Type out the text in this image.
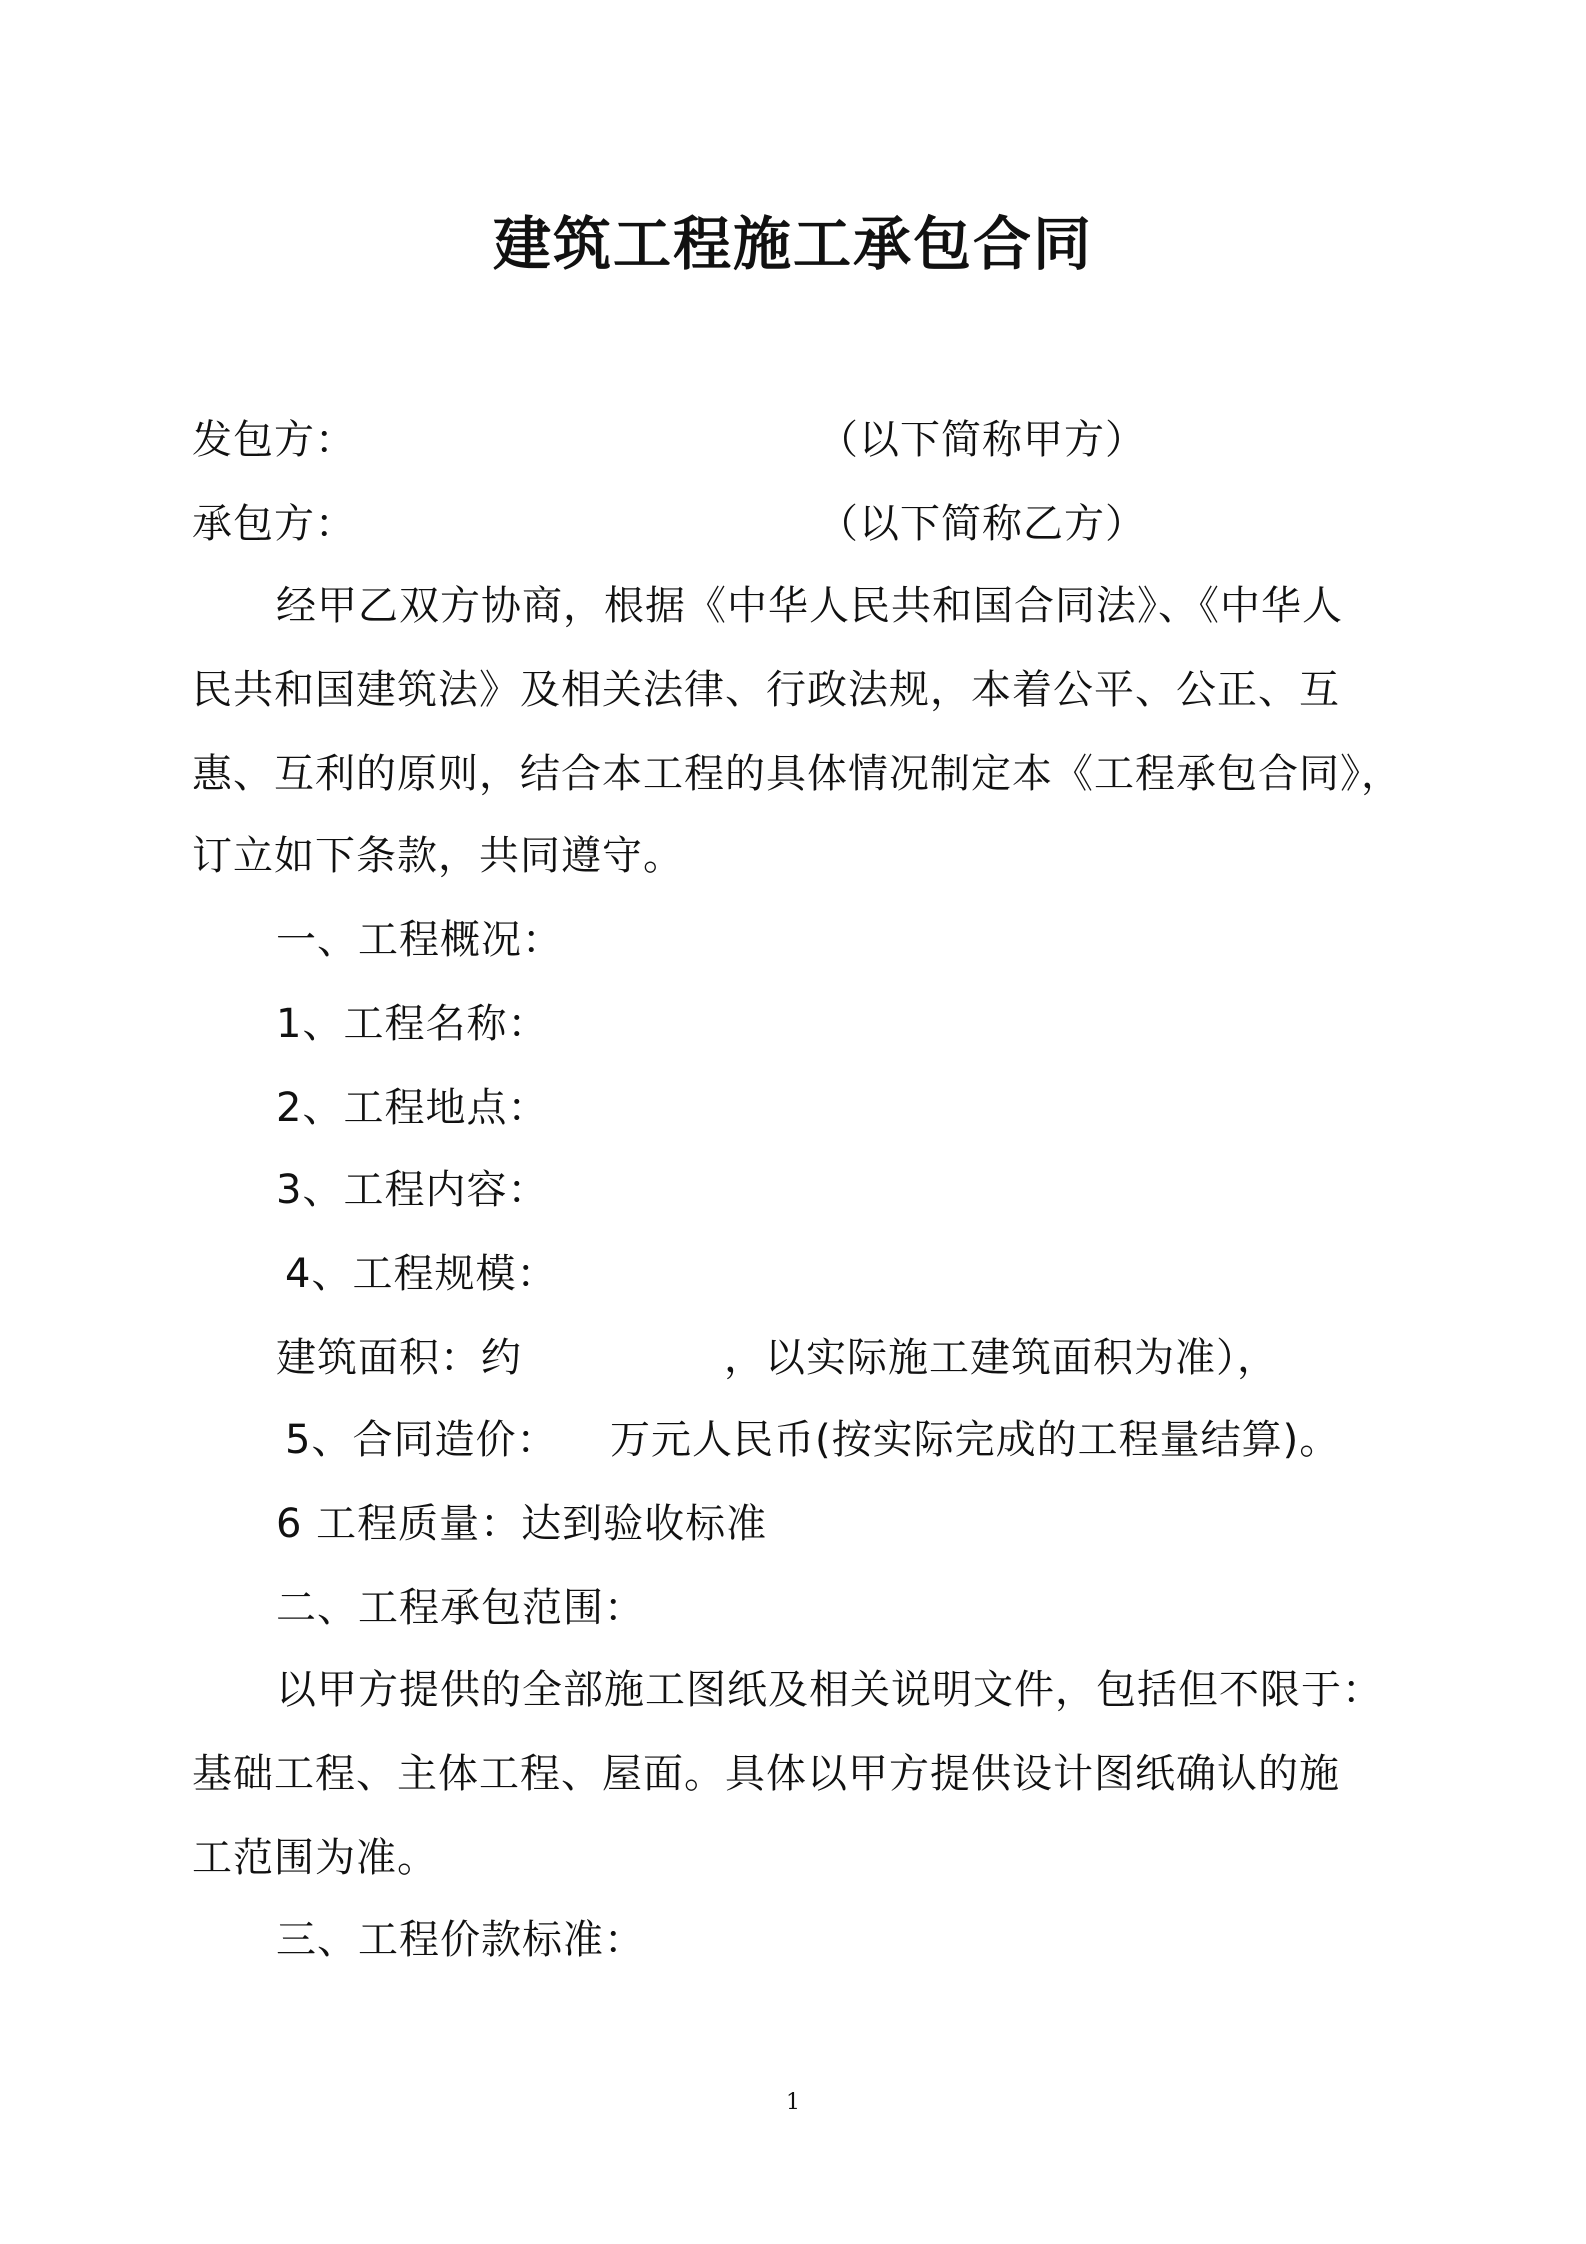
建筑工程施工承包合同
发包方：	（以下简称甲方）
承包方：	（以下简称乙方）
经甲乙双方协商，根据《中华人民共和国合同法》、《中华人
民共和国建筑法》及相关法律、行政法规，本着公平、公正、互
惠、互利的原则，结合本工程的具体情况制定本《工程承包合同》，
订立如下条款，共同遵守。
一、工程概况：
1、工程名称：
2、工程地点：
3、工程内容：
4、工程规模：
建筑面积：约	，以实际施工建筑面积为准），
5、合同造价： 万元人民币(按实际完成的工程量结算)。
6 工程质量：达到验收标准
二、工程承包范围：
以甲方提供的全部施工图纸及相关说明文件，包括但不限于：
基础工程、主体工程、屋面。具体以甲方提供设计图纸确认的施
工范围为准。
三、工程价款标准：
1
